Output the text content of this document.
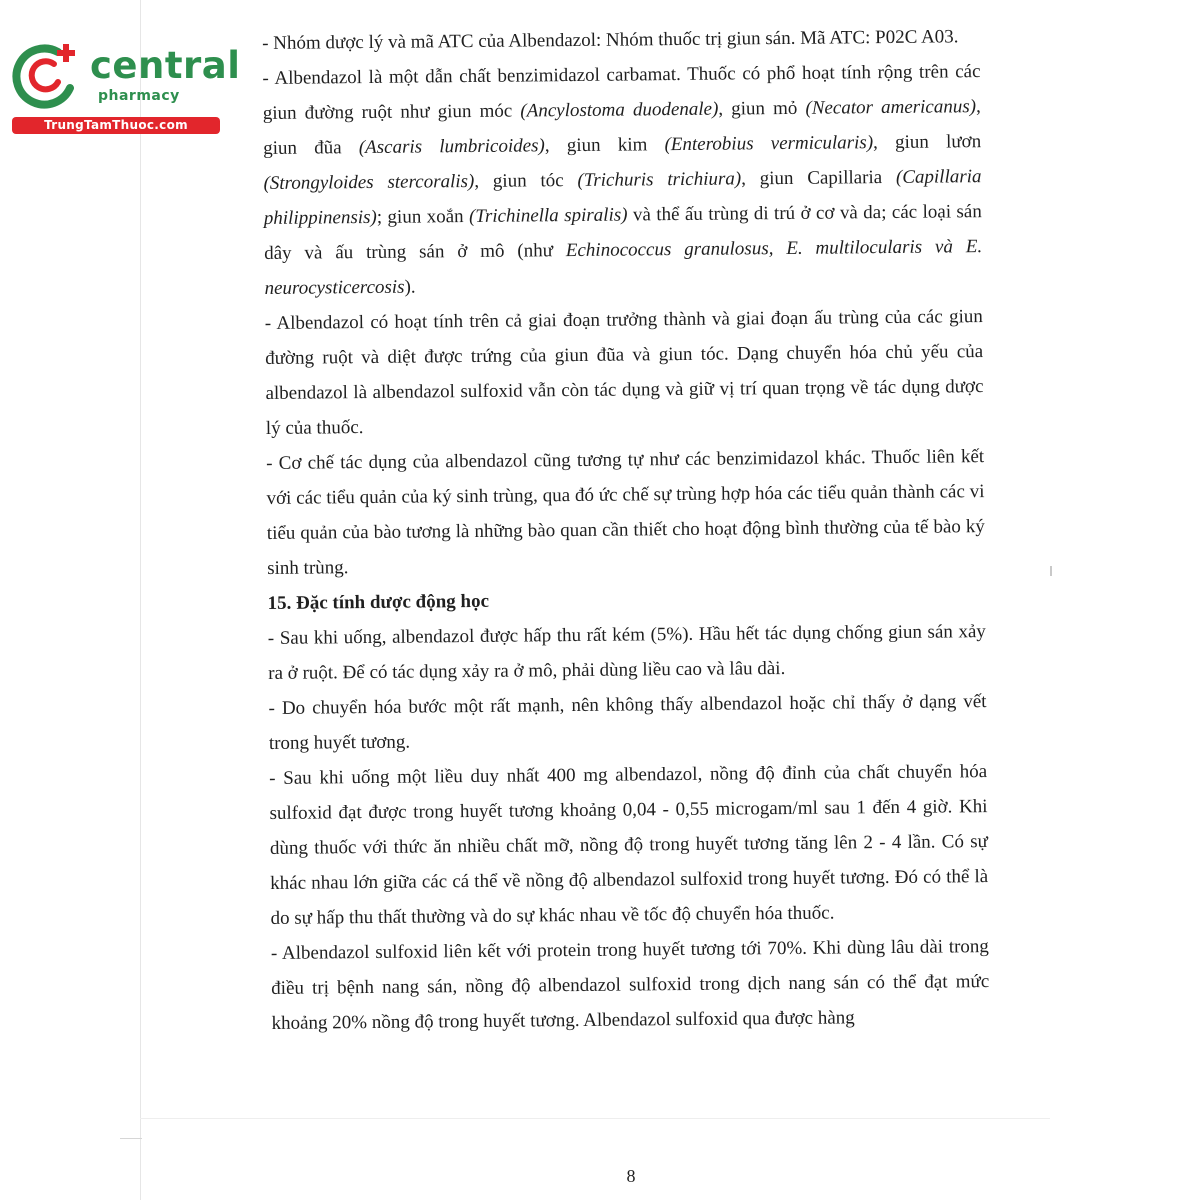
central
pharmacy
TrungTamThuoc.com

- Nhóm dược lý và mã ATC của Albendazol: Nhóm thuốc trị giun sán. Mã ATC: P02C A03.

- Albendazol là một dẫn chất benzimidazol carbamat. Thuốc có phổ hoạt tính rộng trên các giun đường ruột như giun móc (Ancylostoma duodenale), giun mỏ (Necator americanus), giun đũa (Ascaris lumbricoides), giun kim (Enterobius vermicularis), giun lươn (Strongyloides stercoralis), giun tóc (Trichuris trichiura), giun Capillaria (Capillaria philippinensis); giun xoắn (Trichinella spiralis) và thể ấu trùng di trú ở cơ và da; các loại sán dây và ấu trùng sán ở mô (như Echinococcus granulosus, E. multilocularis và E. neurocysticercosis).

- Albendazol có hoạt tính trên cả giai đoạn trưởng thành và giai đoạn ấu trùng của các giun đường ruột và diệt được trứng của giun đũa và giun tóc. Dạng chuyển hóa chủ yếu của albendazol là albendazol sulfoxid vẫn còn tác dụng và giữ vị trí quan trọng về tác dụng dược lý của thuốc.

- Cơ chế tác dụng của albendazol cũng tương tự như các benzimidazol khác. Thuốc liên kết với các tiểu quản của ký sinh trùng, qua đó ức chế sự trùng hợp hóa các tiểu quản thành các vi tiểu quản của bào tương là những bào quan cần thiết cho hoạt động bình thường của tế bào ký sinh trùng.

15. Đặc tính dược động học

- Sau khi uống, albendazol được hấp thu rất kém (5%). Hầu hết tác dụng chống giun sán xảy ra ở ruột. Để có tác dụng xảy ra ở mô, phải dùng liều cao và lâu dài.

- Do chuyển hóa bước một rất mạnh, nên không thấy albendazol hoặc chỉ thấy ở dạng vết trong huyết tương.

- Sau khi uống một liều duy nhất 400 mg albendazol, nồng độ đỉnh của chất chuyển hóa sulfoxid đạt được trong huyết tương khoảng 0,04 - 0,55 microgam/ml sau 1 đến 4 giờ. Khi dùng thuốc với thức ăn nhiều chất mỡ, nồng độ trong huyết tương tăng lên 2 - 4 lần. Có sự khác nhau lớn giữa các cá thể về nồng độ albendazol sulfoxid trong huyết tương. Đó có thể là do sự hấp thu thất thường và do sự khác nhau về tốc độ chuyển hóa thuốc.

- Albendazol sulfoxid liên kết với protein trong huyết tương tới 70%. Khi dùng lâu dài trong điều trị bệnh nang sán, nồng độ albendazol sulfoxid trong dịch nang sán có thể đạt mức khoảng 20% nồng độ trong huyết tương. Albendazol sulfoxid qua được hàng

8
